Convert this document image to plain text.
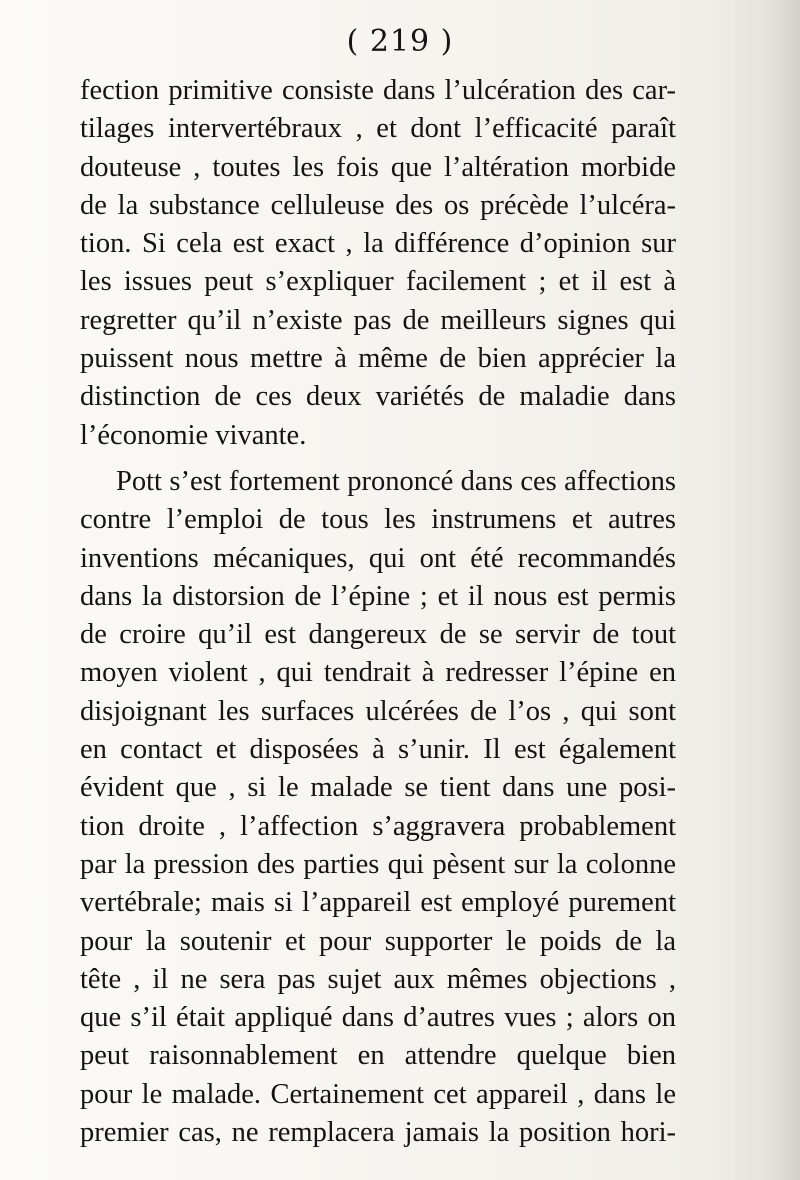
( 219 )
fection primitive consiste dans l’ulcération des car-
tilages intervertébraux , et dont l’efficacité paraît
douteuse , toutes les fois que l’altération morbide
de la substance celluleuse des os précède l’ulcéra-
tion. Si cela est exact , la différence d’opinion sur
les issues peut s’expliquer facilement ; et il est à
regretter qu’il n’existe pas de meilleurs signes qui
puissent nous mettre à même de bien apprécier la
distinction de ces deux variétés de maladie dans
l’économie vivante.
Pott s’est fortement prononcé dans ces affections
contre l’emploi de tous les instrumens et autres
inventions mécaniques, qui ont été recommandés
dans la distorsion de l’épine ; et il nous est permis
de croire qu’il est dangereux de se servir de tout
moyen violent , qui tendrait à redresser l’épine en
disjoignant les surfaces ulcérées de l’os , qui sont
en contact et disposées à s’unir. Il est également
évident que , si le malade se tient dans une posi-
tion droite , l’affection s’aggravera probablement
par la pression des parties qui pèsent sur la colonne
vertébrale; mais si l’appareil est employé purement
pour la soutenir et pour supporter le poids de la
tête , il ne sera pas sujet aux mêmes objections ,
que s’il était appliqué dans d’autres vues ; alors on
peut raisonnablement en attendre quelque bien
pour le malade. Certainement cet appareil , dans le
premier cas, ne remplacera jamais la position hori-
